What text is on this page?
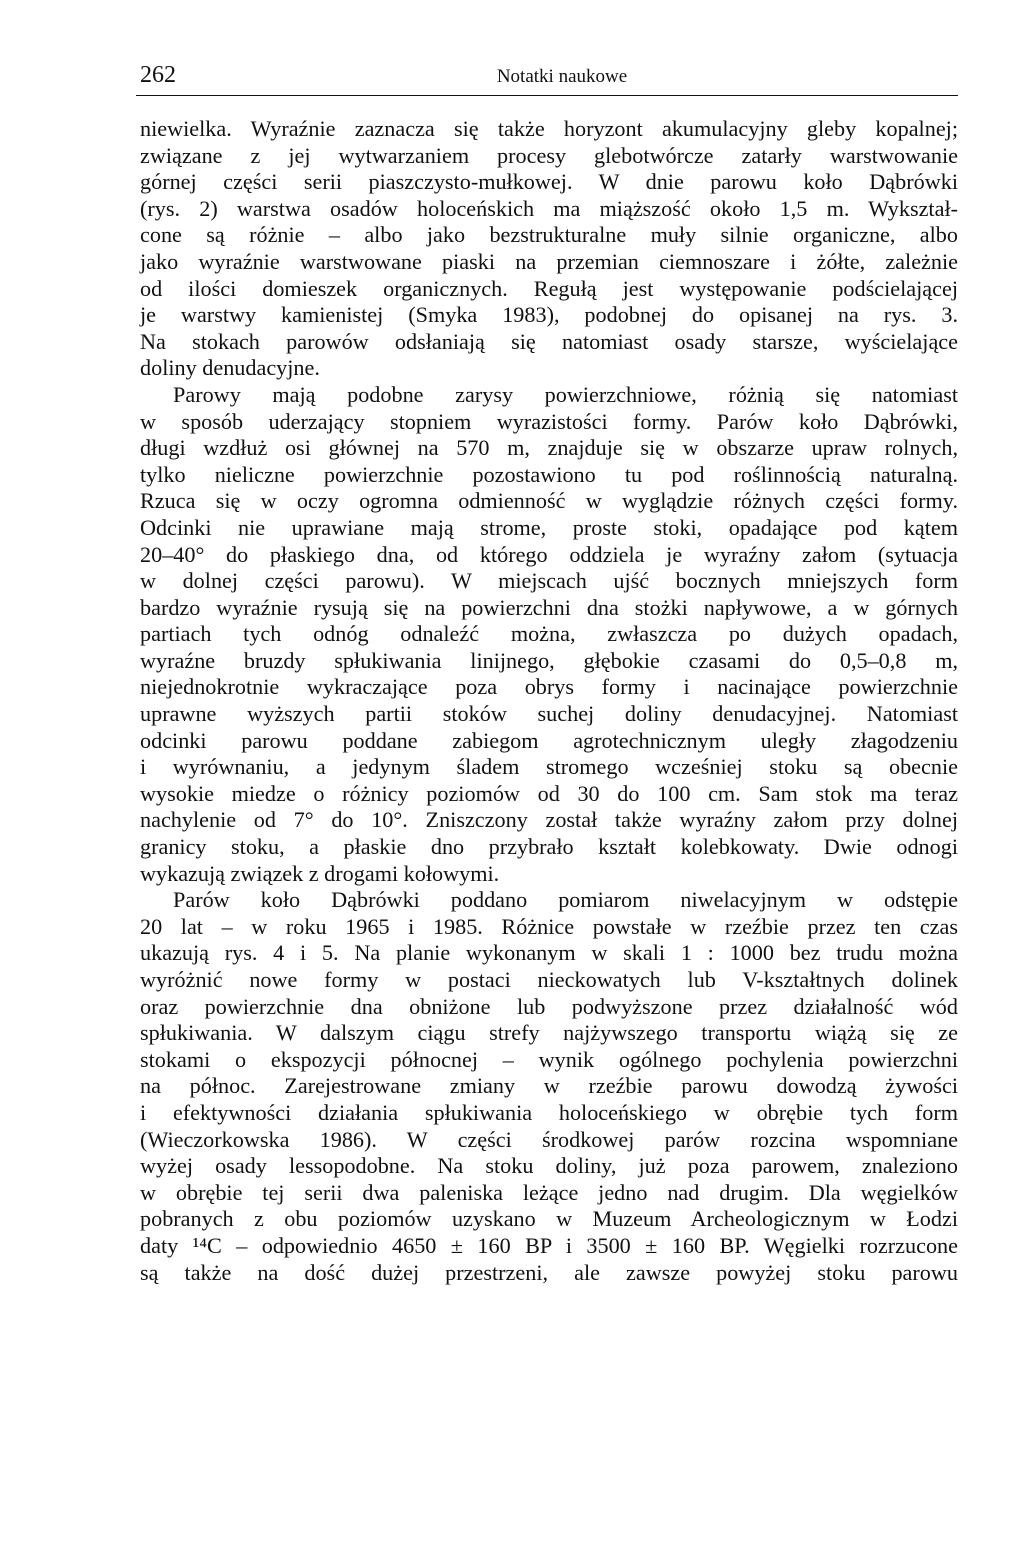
262	Notatki naukowe
niewielka. Wyraźnie zaznacza się także horyzont akumulacyjny gleby kopalnej;
związane z jej wytwarzaniem procesy glebotwórcze zatarły warstwowanie
górnej części serii piaszczysto-mułkowej. W dnie parowu koło Dąbrówki
(rys. 2) warstwa osadów holoceńskich ma miąższość około 1,5 m. Wykształ-
cone są różnie – albo jako bezstrukturalne muły silnie organiczne, albo
jako wyraźnie warstwowane piaski na przemian ciemnoszare i żółte, zależnie
od ilości domieszek organicznych. Regułą jest występowanie podścielającej
je warstwy kamienistej (Smyka 1983), podobnej do opisanej na rys. 3.
Na stokach parowów odsłaniają się natomiast osady starsze, wyścielające
doliny denudacyjne.
Parowy mają podobne zarysy powierzchniowe, różnią się natomiast
w sposób uderzający stopniem wyrazistości formy. Parów koło Dąbrówki,
długi wzdłuż osi głównej na 570 m, znajduje się w obszarze upraw rolnych,
tylko nieliczne powierzchnie pozostawiono tu pod roślinnością naturalną.
Rzuca się w oczy ogromna odmienność w wyglądzie różnych części formy.
Odcinki nie uprawiane mają strome, proste stoki, opadające pod kątem
20–40° do płaskiego dna, od którego oddziela je wyraźny załom (sytuacja
w dolnej części parowu). W miejscach ujść bocznych mniejszych form
bardzo wyraźnie rysują się na powierzchni dna stożki napływowe, a w górnych
partiach tych odnóg odnaleźć można, zwłaszcza po dużych opadach,
wyraźne bruzdy spłukiwania linijnego, głębokie czasami do 0,5–0,8 m,
niejednokrotnie wykraczające poza obrys formy i nacinające powierzchnie
uprawne wyższych partii stoków suchej doliny denudacyjnej. Natomiast
odcinki parowu poddane zabiegom agrotechnicznym uległy złagodzeniu
i wyrównaniu, a jedynym śladem stromego wcześniej stoku są obecnie
wysokie miedze o różnicy poziomów od 30 do 100 cm. Sam stok ma teraz
nachylenie od 7° do 10°. Zniszczony został także wyraźny załom przy dolnej
granicy stoku, a płaskie dno przybrało kształt kolebkowaty. Dwie odnogi
wykazują związek z drogami kołowymi.
Parów koło Dąbrówki poddano pomiarom niwelacyjnym w odstępie
20 lat – w roku 1965 i 1985. Różnice powstałe w rzeźbie przez ten czas
ukazują rys. 4 i 5. Na planie wykonanym w skali 1 : 1000 bez trudu można
wyróżnić nowe formy w postaci nieckowatych lub V-kształtnych dolinek
oraz powierzchnie dna obniżone lub podwyższone przez działalność wód
spłukiwania. W dalszym ciągu strefy najżywszego transportu wiążą się ze
stokami o ekspozycji północnej – wynik ogólnego pochylenia powierzchni
na północ. Zarejestrowane zmiany w rzeźbie parowu dowodzą żywości
i efektywności działania spłukiwania holoceńskiego w obrębie tych form
(Wieczorkowska 1986). W części środkowej parów rozcina wspomniane
wyżej osady lessopodobne. Na stoku doliny, już poza parowem, znaleziono
w obrębie tej serii dwa paleniska leżące jedno nad drugim. Dla węgielków
pobranych z obu poziomów uzyskano w Muzeum Archeologicznym w Łodzi
daty ¹⁴C – odpowiednio 4650 ± 160 BP i 3500 ± 160 BP. Węgielki rozrzucone
są także na dość dużej przestrzeni, ale zawsze powyżej stoku parowu
